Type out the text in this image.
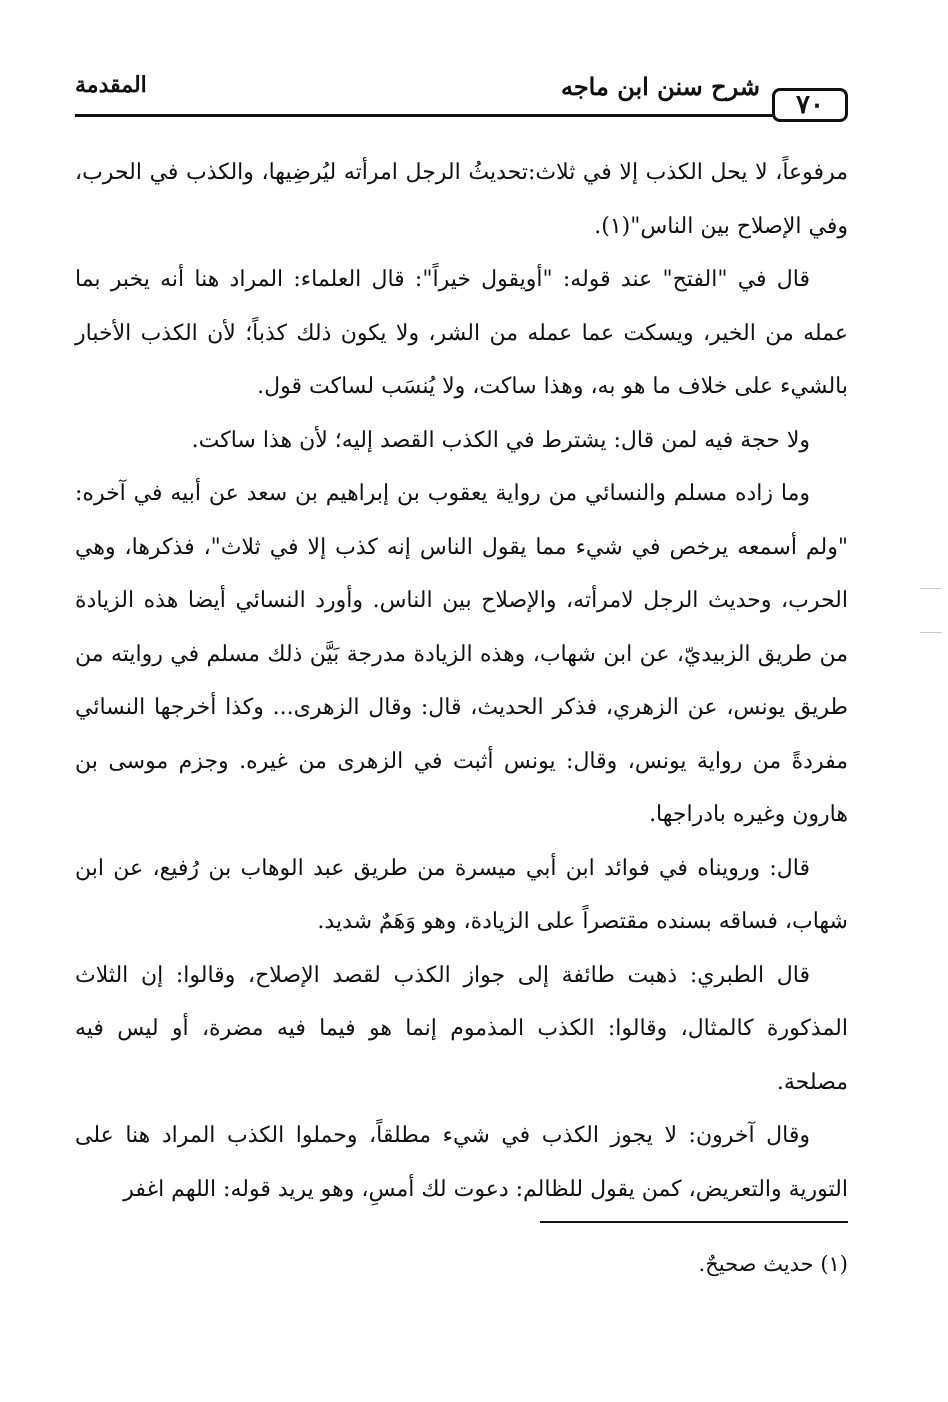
٧٠
شرح سنن ابن ماجه
المقدمة

مرفوعاً، لا يحل الكذب إلا في ثلاث:تحديثُ الرجل امرأته ليُرضِيها، والكذب في الحرب، وفي الإصلاح بين الناس"(١).

قال في "الفتح" عند قوله: "أويقول خيراً": قال العلماء: المراد هنا أنه يخبر بما عمله من الخير، ويسكت عما عمله من الشر، ولا يكون ذلك كذباً؛ لأن الكذب الأخبار بالشيء على خلاف ما هو به، وهذا ساكت، ولا يُنسَب لساكت قول.

ولا حجة فيه لمن قال: يشترط في الكذب القصد إليه؛ لأن هذا ساكت.

وما زاده مسلم والنسائي من رواية يعقوب بن إبراهيم بن سعد عن أبيه في آخره: "ولم أسمعه يرخص في شيء مما يقول الناس إنه كذب إلا في ثلاث"، فذكرها، وهي الحرب، وحديث الرجل لامرأته، والإصلاح بين الناس. وأورد النسائي أيضا هذه الزيادة من طريق الزبيديّ، عن ابن شهاب، وهذه الزيادة مدرجة بَيَّن ذلك مسلم في روايته من طريق يونس، عن الزهري، فذكر الحديث، قال: وقال الزهرى... وكذا أخرجها النسائي مفردةً من رواية يونس، وقال: يونس أثبت في الزهرى من غيره. وجزم موسى بن هارون وغيره بادراجها.

قال: ورويناه في فوائد ابن أبي ميسرة من طريق عبد الوهاب بن رُفيع، عن ابن شهاب، فساقه بسنده مقتصراً على الزيادة، وهو وَهَمٌ شديد.

قال الطبري: ذهبت طائفة إلى جواز الكذب لقصد الإصلاح، وقالوا: إن الثلاث المذكورة كالمثال، وقالوا: الكذب المذموم إنما هو فيما فيه مضرة، أو ليس فيه مصلحة.

وقال آخرون: لا يجوز الكذب في شيء مطلقاً، وحملوا الكذب المراد هنا على التورية والتعريض، كمن يقول للظالم: دعوت لك أمسِ، وهو يريد قوله: اللهم اغفر

(١) حديث صحيحٌ.
